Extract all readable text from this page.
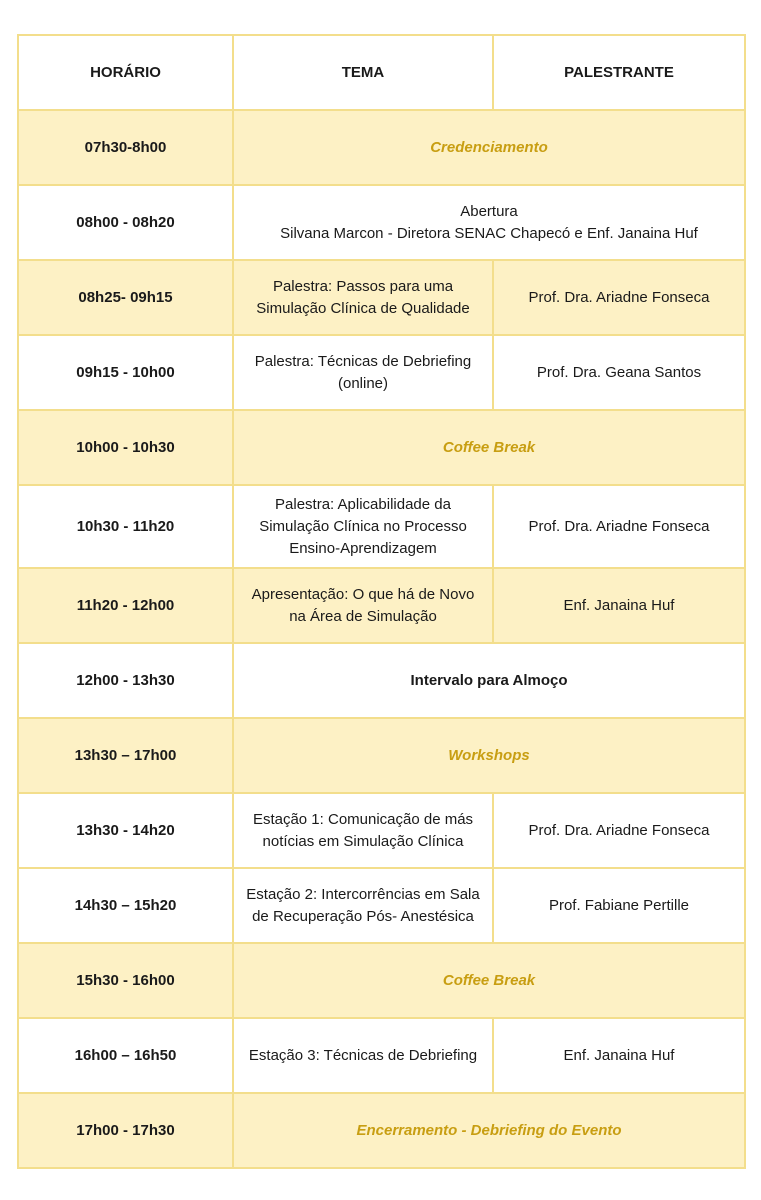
HORÁRIO	TEMA	PALESTRANTE
07h30-8h00	Credenciamento	
08h00 - 08h20	Abertura
Silvana Marcon - Diretora SENAC Chapecó e Enf. Janaina Huf	

08h25- 09h15	Palestra: Passos para uma Simulação Clínica de Qualidade	Prof. Dra. Ariadne Fonseca
09h15 - 10h00	Palestra: Técnicas de Debriefing (online)	Prof. Dra. Geana Santos
10h00 - 10h30	Coffee Break	
10h30 - 11h20	Palestra: Aplicabilidade da Simulação Clínica no Processo Ensino-Aprendizagem	Prof. Dra. Ariadne Fonseca
11h20 - 12h00	Apresentação: O que há de Novo na Área de Simulação	Enf. Janaina Huf
12h00 - 13h30	Intervalo para Almoço	
13h30 – 17h00	Workshops	
13h30 - 14h20	Estação 1: Comunicação de más notícias em Simulação Clínica	Prof. Dra. Ariadne Fonseca
14h30 – 15h20	Estação 2: Intercorrências em Sala de Recuperação Pós- Anestésica	Prof. Fabiane Pertille
15h30 - 16h00	Coffee Break	
16h00 – 16h50	Estação 3: Técnicas de Debriefing	Enf. Janaina Huf
17h00 - 17h30	Encerramento - Debriefing do Evento	
